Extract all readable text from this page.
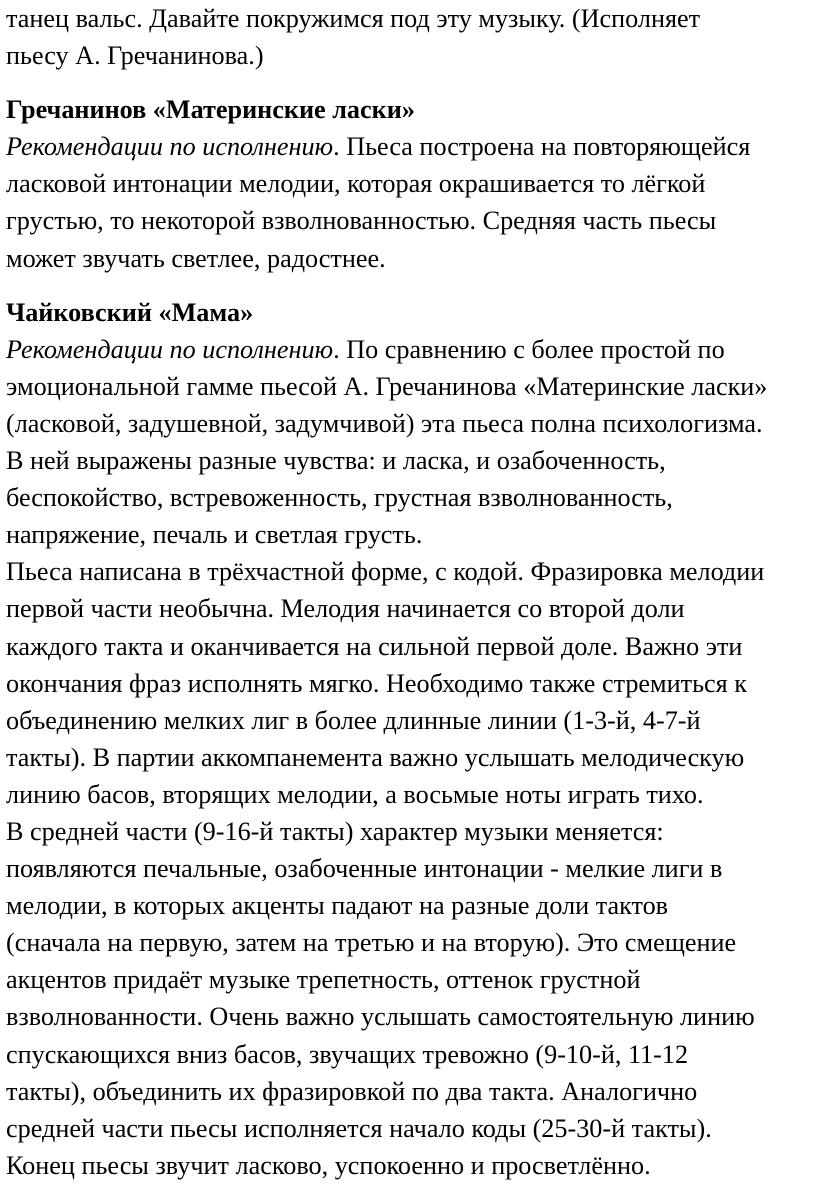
танец вальс. Давайте покружимся под эту музыку. (Исполняет
пьесу А. Гречанинова.)
Гречанинов «Материнские ласки»
Рекомендации по исполнению. Пьеса построена на повторяющейся
ласковой интонации мелодии, которая окрашивается то лёгкой
грустью, то некоторой взволнованностью. Средняя часть пьесы
может звучать светлее, радостнее.
Чайковский «Мама»
Рекомендации по исполнению. По сравнению с более простой по
эмоциональной гамме пьесой А. Гречанинова «Материнские ласки»
(ласковой, задушевной, задумчивой) эта пьеса полна психологизма.
В ней выражены разные чувства: и ласка, и озабоченность,
беспокойство, встревоженность, грустная взволнованность,
напряжение, печаль и светлая грусть.
Пьеса написана в трёхчастной форме, с кодой. Фразировка мелодии
первой части необычна. Мелодия начинается со второй доли
каждого такта и оканчивается на сильной первой доле. Важно эти
окончания фраз исполнять мягко. Необходимо также стремиться к
объединению мелких лиг в более длинные линии (1-3-й, 4-7-й
такты). В партии аккомпанемента важно услышать мелодическую
линию басов, вторящих мелодии, а восьмые ноты играть тихо.
В средней части (9-16-й такты) характер музыки меняется:
появляются печальные, озабоченные интонации - мелкие лиги в
мелодии, в которых акценты падают на разные доли тактов
(сначала на первую, затем на третью и на вторую). Это смещение
акцентов придаёт музыке трепетность, оттенок грустной
взволнованности. Очень важно услышать самостоятельную линию
спускающихся вниз басов, звучащих тревожно (9-10-й, 11-12
такты), объединить их фразировкой по два такта. Аналогично
средней части пьесы исполняется начало коды (25-30-й такты).
Конец пьесы звучит ласково, успокоенно и просветлённо.
